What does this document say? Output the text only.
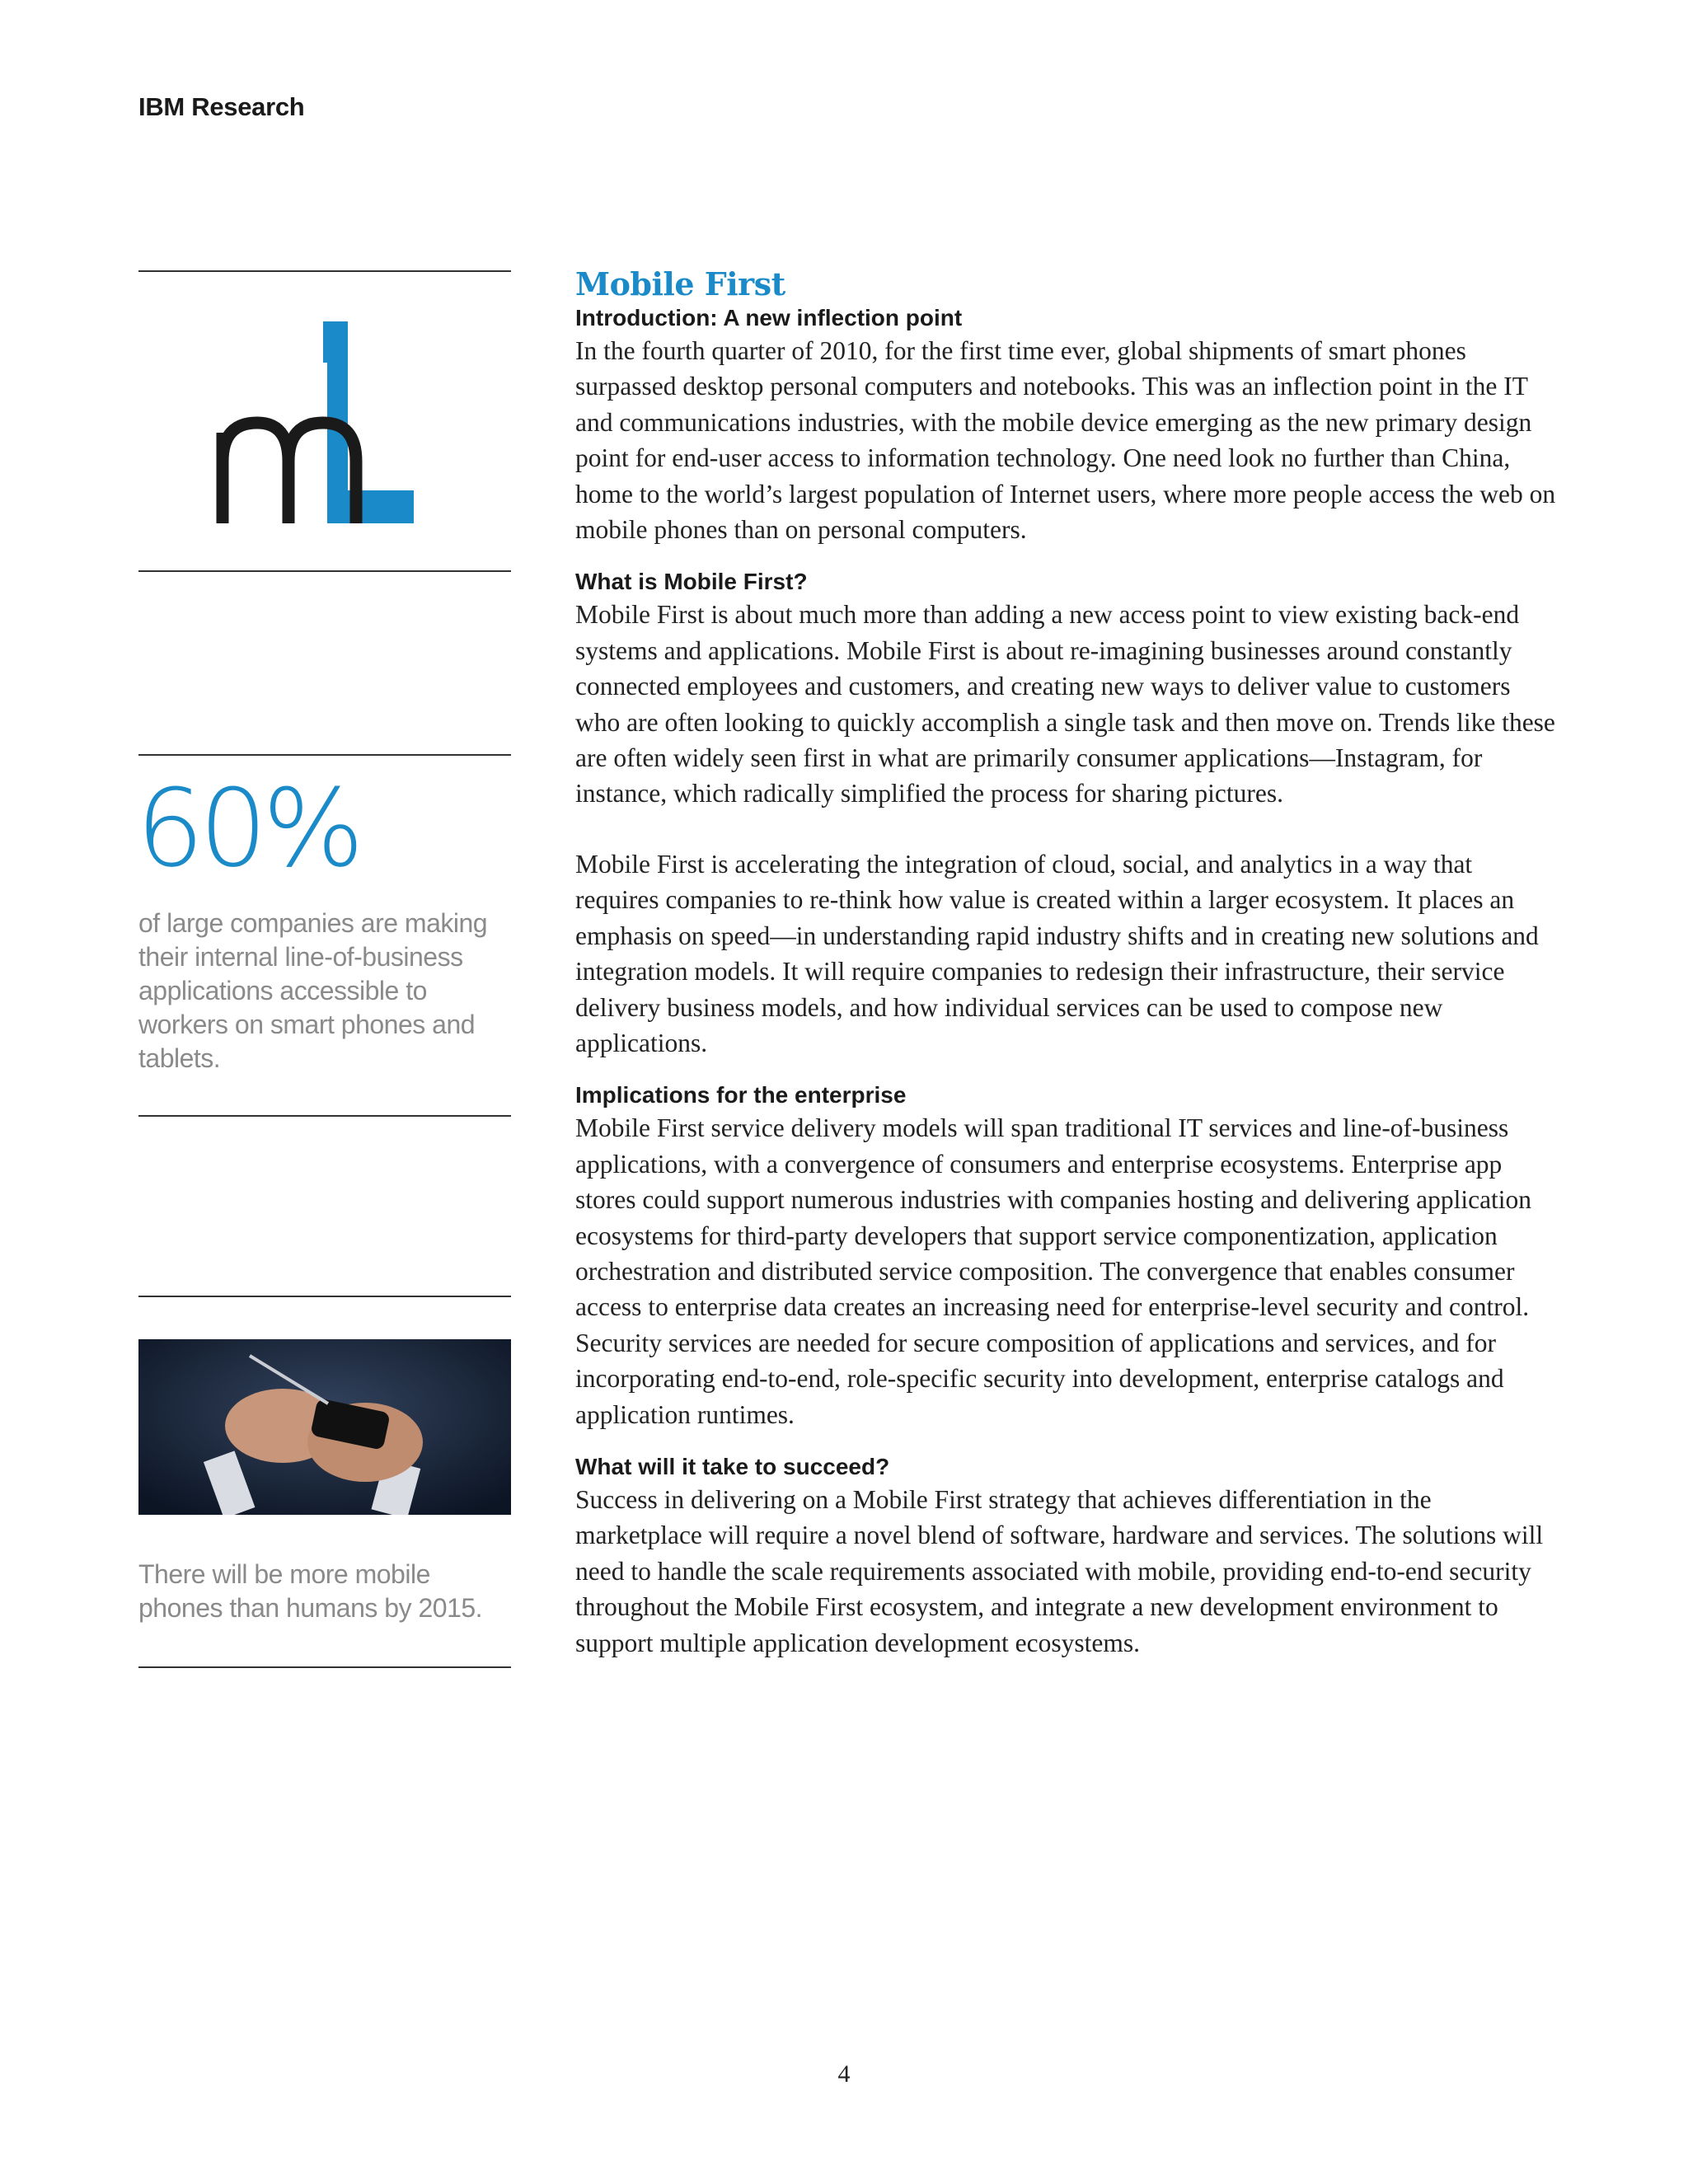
IBM Research
60%
of large companies are making their internal line-of-business applications accessible to workers on smart phones and tablets.
There will be more mobile phones than humans by 2015.
Mobile First
Introduction: A new inflection point

In the fourth quarter of 2010, for the first time ever, global shipments of smart phones surpassed desktop personal computers and notebooks. This was an inflection point in the IT and communications industries, with the mobile device emerging as the new primary design point for end-user access to information technology. One need look no further than China, home to the world’s largest population of Internet users, where more people access the web on mobile phones than on personal computers.

What is Mobile First?

Mobile First is about much more than adding a new access point to view existing back-end systems and applications. Mobile First is about re-imagining businesses around constantly connected employees and customers, and creating new ways to deliver value to customers who are often looking to quickly accomplish a single task and then move on. Trends like these are often widely seen first in what are primarily consumer applications—Instagram, for instance, which radically simplified the process for sharing pictures.

Mobile First is accelerating the integration of cloud, social, and analytics in a way that requires companies to re-think how value is created within a larger ecosystem. It places an emphasis on speed—in understanding rapid industry shifts and in creating new solutions and integration models. It will require companies to redesign their infrastructure, their service delivery business models, and how individual services can be used to compose new applications.

Implications for the enterprise

Mobile First service delivery models will span traditional IT services and line-of-business applications, with a convergence of consumers and enterprise ecosystems. Enterprise app stores could support numerous industries with companies hosting and delivering application ecosystems for third-party developers that support service componentization, application orchestration and distributed service composition. The convergence that enables consumer access to enterprise data creates an increasing need for enterprise-level security and control. Security services are needed for secure composition of applications and services, and for incorporating end-to-end, role-specific security into development, enterprise catalogs and application runtimes.

What will it take to succeed?

Success in delivering on a Mobile First strategy that achieves differentiation in the marketplace will require a novel blend of software, hardware and services. The solutions will need to handle the scale requirements associated with mobile, providing end-to-end security throughout the Mobile First ecosystem, and integrate a new development environment to support multiple application development ecosystems.

4
